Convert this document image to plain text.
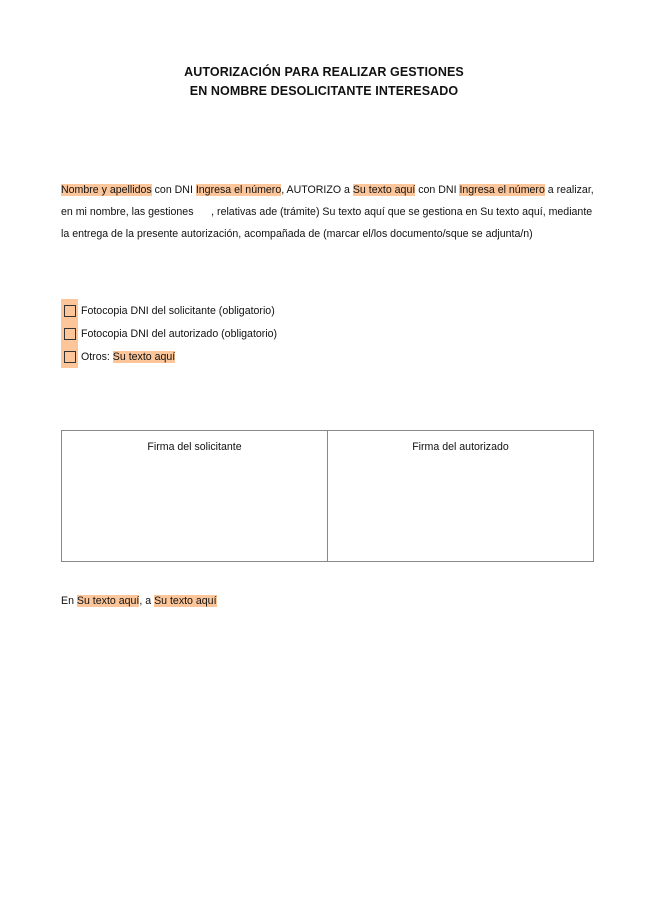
AUTORIZACIÓN PARA REALIZAR GESTIONES
EN NOMBRE DESOLICITANTE INTERESADO
Nombre y apellidos con DNI Ingresa el número, AUTORIZO a Su texto aquí con DNI Ingresa el número a realizar, en mi nombre, las gestiones      , relativas ade (trámite) Su texto aquí que se gestiona en Su texto aquí, mediante la entrega de la presente autorización, acompañada de (marcar el/los documento/sque se adjunta/n)
Fotocopia DNI del solicitante (obligatorio)
Fotocopia DNI del autorizado (obligatorio)
Otros: Su texto aquí
Firma del solicitante	Firma del autorizado
En Su texto aquí, a Su texto aquí
